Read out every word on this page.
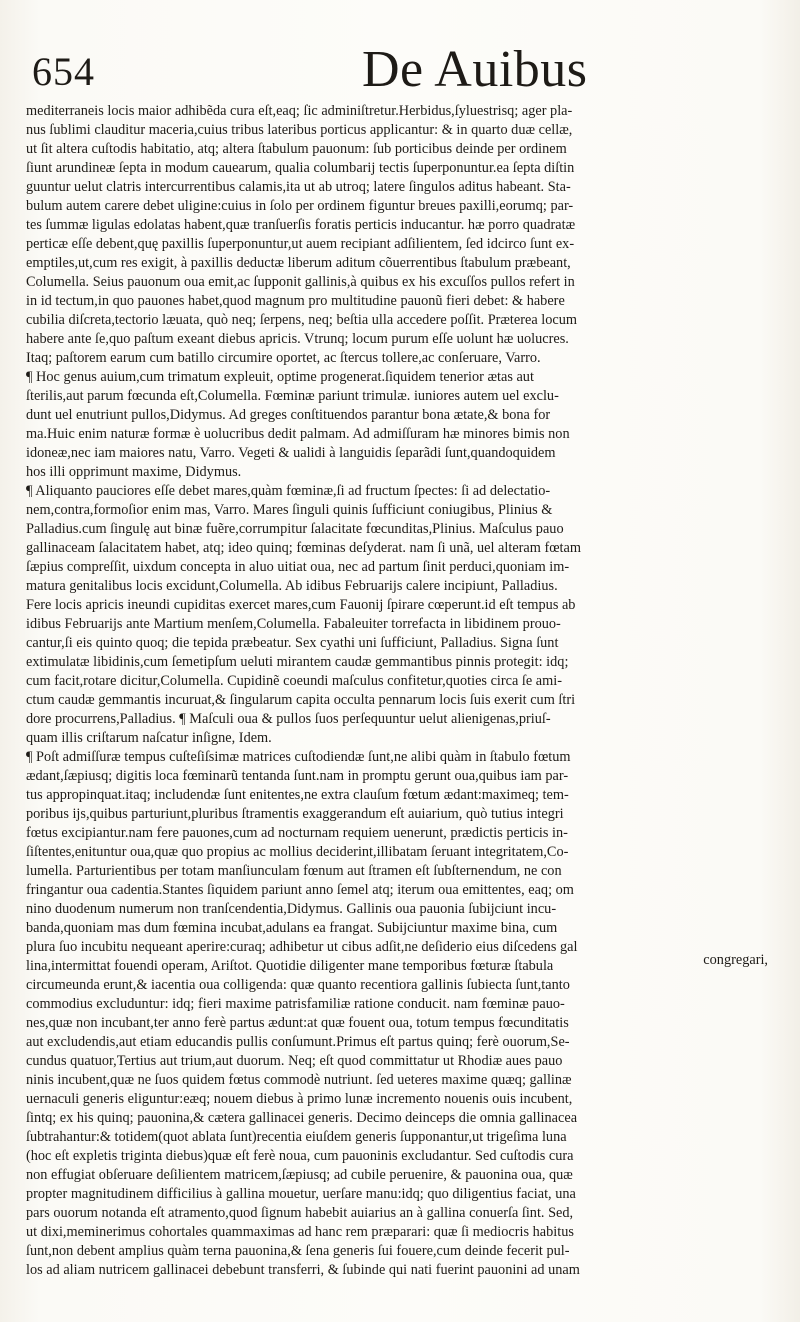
654	De Auibus
mediterraneis locis maior adhibẽda cura eſt,eaq; ſic adminiſtretur.Herbidus,ſyluestrisq; ager pla-
nus ſublimi clauditur maceria,cuius tribus lateribus porticus applicantur: & in quarto duæ cellæ,
ut ſit altera cuſtodis habitatio, atq; altera ſtabulum pauonum: ſub porticibus deinde per ordinem
ſiunt arundineæ ſepta in modum cauearum, qualia columbarij tectis ſuperponuntur.ea ſepta diſtin
guuntur uelut clatris intercurrentibus calamis,ita ut ab utroq; latere ſingulos aditus habeant. Sta-
bulum autem carere debet uligine:cuius in ſolo per ordinem figuntur breues paxilli,eorumq; par-
tes ſummæ ligulas edolatas habent,quæ tranſuerſis foratis perticis inducantur. hæ porro quadratæ
perticæ eſſe debent,quę paxillis ſuperponuntur,ut auem recipiant adſilientem, ſed idcirco ſunt ex-
emptiles,ut,cum res exigit, à paxillis deductæ liberum aditum cõuerrentibus ſtabulum præbeant,
Columella. Seius pauonum oua emit,ac ſupponit gallinis,à quibus ex his excuſſos pullos refert in
in id tectum,in quo pauones habet,quod magnum pro multitudine pauonũ fieri debet: & habere
cubilia diſcreta,tectorio læuata, quò neq; ſerpens, neq; beſtia ulla accedere poſſit. Præterea locum
habere ante ſe,quo paſtum exeant diebus apricis. Vtrunq; locum purum eſſe uolunt hæ uolucres.
Itaq; paſtorem earum cum batillo circumire oportet, ac ſtercus tollere,ac conſeruare, Varro.
¶ Hoc genus auium,cum trimatum expleuit, optime progenerat.ſiquidem tenerior ætas aut
ſterilis,aut parum fœcunda eſt,Columella. Fœminæ pariunt trimulæ. iuniores autem uel exclu-
dunt uel enutriunt pullos,Didymus. Ad greges conſtituendos parantur bona ætate,& bona for
ma.Huic enim naturæ formæ è uolucribus dedit palmam. Ad admiſſuram hæ minores bimis non
idoneæ,nec iam maiores natu, Varro. Vegeti & ualidi à languidis ſeparãdi ſunt,quandoquidem
hos illi opprimunt maxime, Didymus.
¶ Aliquanto pauciores eſſe debet mares,quàm fœminæ,ſi ad fructum ſpectes: ſi ad delectatio-
nem,contra,formoſior enim mas, Varro. Mares ſinguli quinis ſufficiunt coniugibus, Plinius &
Palladius.cum ſingulę aut binæ fuẽre,corrumpitur ſalacitate fœcunditas,Plinius. Maſculus pauo
gallinaceam ſalacitatem habet, atq; ideo quinq; fœminas deſyderat. nam ſi unã, uel alteram fœtam
ſæpius compreſſit, uixdum concepta in aluo uitiat oua, nec ad partum ſinit perduci,quoniam im-
matura genitalibus locis excidunt,Columella. Ab idibus Februarijs calere incipiunt, Palladius.
Fere locis apricis ineundi cupiditas exercet mares,cum Fauonij ſpirare cœperunt.id eſt tempus ab
idibus Februarijs ante Martium menſem,Columella. Fabaleuiter torrefacta in libidinem prouo-
cantur,ſi eis quinto quoq; die tepida præbeatur. Sex cyathi uni ſufficiunt, Palladius. Signa ſunt
extimulatæ libidinis,cum ſemetipſum ueluti mirantem caudæ gemmantibus pinnis protegit: idq;
cum facit,rotare dicitur,Columella. Cupidinẽ coeundi maſculus confitetur,quoties circa ſe ami-
ctum caudæ gemmantis incuruat,& ſingularum capita occulta pennarum locis ſuis exerit cum ſtri
dore procurrens,Palladius. ¶ Maſculi oua & pullos ſuos perſequuntur uelut alienigenas,priuſ-
quam illis criſtarum naſcatur inſigne, Idem.
¶ Poſt admiſſuræ tempus cuſteſiſsimæ matrices cuſtodiendæ ſunt,ne alibi quàm in ſtabulo fœtum
ædant,ſæpiusq; digitis loca fœminarũ tentanda ſunt.nam in promptu gerunt oua,quibus iam par-
tus appropinquat.itaq; includendæ ſunt enitentes,ne extra clauſum fœtum ædant:maximeq; tem-
poribus ijs,quibus parturiunt,pluribus ſtramentis exaggerandum eſt auiarium, quò tutius integri
fœtus excipiantur.nam fere pauones,cum ad nocturnam requiem uenerunt, prædictis perticis in-
ſiſtentes,enituntur oua,quæ quo propius ac mollius deciderint,illibatam ſeruant integritatem,Co-
lumella. Parturientibus per totam manſiunculam fœnum aut ſtramen eſt ſubſternendum, ne con
fringantur oua cadentia.Stantes ſiquidem pariunt anno ſemel atq; iterum oua emittentes, eaq; om
nino duodenum numerum non tranſcendentia,Didymus. Gallinis oua pauonia ſubijciunt incu-
banda,quoniam mas dum fœmina incubat,adulans ea frangat. Subijciuntur maxime bina, cum
plura ſuo incubitu nequeant aperire:curaq; adhibetur ut cibus adſit,ne deſiderio eius diſcedens gal
lina,intermittat fouendi operam, Ariſtot. Quotidie diligenter mane temporibus fœturæ ſtabula
circumeunda erunt,& iacentia oua colligenda: quæ quanto recentiora gallinis ſubiecta ſunt,tanto
commodius excluduntur: idq; fieri maxime patrisfamiliæ ratione conducit. nam fœminæ pauo-
nes,quæ non incubant,ter anno ferè partus ædunt:at quæ fouent oua, totum tempus fœcunditatis
aut excludendis,aut etiam educandis pullis conſumunt.Primus eſt partus quinq; ferè ouorum,Se-
cundus quatuor,Tertius aut trium,aut duorum. Neq; eſt quod committatur ut Rhodiæ aues pauo
ninis incubent,quæ ne ſuos quidem fœtus commodè nutriunt. ſed ueteres maxime quæq; gallinæ
uernaculi generis eliguntur:eæq; nouem diebus à primo lunæ incremento nouenis ouis incubent,
ſintq; ex his quinq; pauonina,& cætera gallinacei generis. Decimo deinceps die omnia gallinacea
ſubtrahantur:& totidem(quot ablata ſunt)recentia eiuſdem generis ſupponantur,ut trigeſima luna
(hoc eſt expletis triginta diebus)quæ eſt ferè noua, cum pauoninis excludantur. Sed cuſtodis cura
non effugiat obſeruare deſilientem matricem,ſæpiusq; ad cubile peruenire, & pauonina oua, quæ
propter magnitudinem difficilius à gallina mouetur, uerſare manu:idq; quo diligentius faciat, una
pars ouorum notanda eſt atramento,quod ſignum habebit auiarius an à gallina conuerſa ſint. Sed,
ut dixi,meminerimus cohortales quammaximas ad hanc rem præparari: quæ ſi mediocris habitus
ſunt,non debent amplius quàm terna pauonina,& ſena generis ſui fouere,cum deinde fecerit pul-
los ad aliam nutricem gallinacei debebunt transferri, & ſubinde qui nati fuerint pauonini ad unam
congregari,
